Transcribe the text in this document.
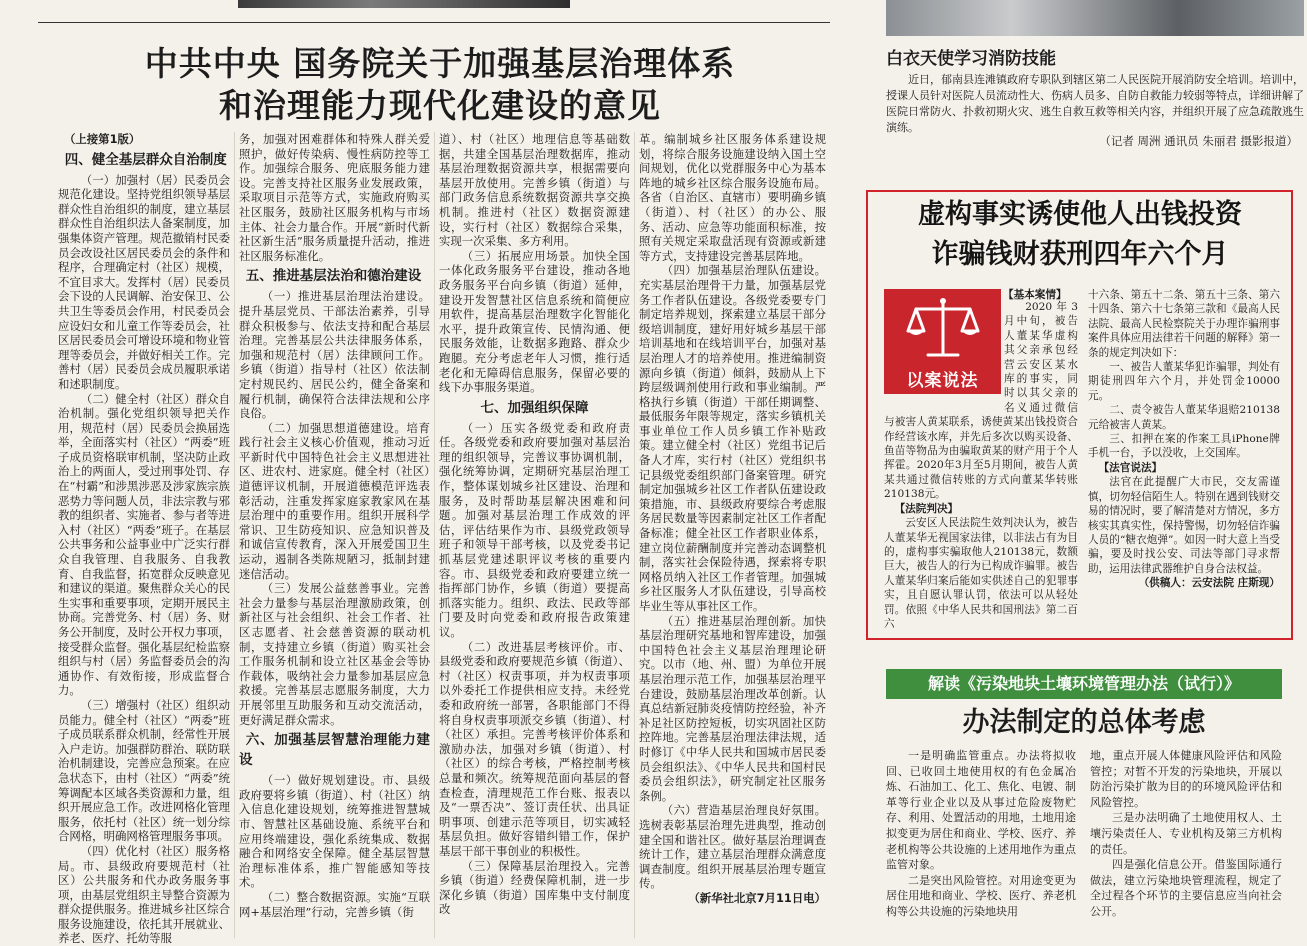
中共中央 国务院关于加强基层治理体系
和治理能力现代化建设的意见

（上接第1版）

四、健全基层群众自治制度

（一）加强村（居）民委员会规范化建设。坚持党组织领导基层群众性自治组织的制度，建立基层群众性自治组织法人备案制度，加强集体资产管理。规范撤销村民委员会改设社区居民委员会的条件和程序，合理确定村（社区）规模，不宜目求大。发挥村（居）民委员会下设的人民调解、治安保卫、公共卫生等委员会作用，村民委员会应设妇女和儿童工作等委员会，社区居民委员会可增设环境和物业管理等委员会，并做好相关工作。完善村（居）民委员会成员履职承诺和述职制度。

（二）健全村（社区）群众自治机制。强化党组织领导把关作用，规范村（居）民委员会换届选举，全面落实村（社区）“两委”班子成员资格联审机制，坚决防止政治上的两面人，受过刑事处罚、存在“村霸”和涉黑涉恶及涉家族宗族恶势力等问题人员，非法宗教与邪教的组织者、实施者、参与者等进入村（社区）“两委”班子。在基层公共事务和公益事业中广泛实行群众自我管理、自我服务、自我教育、自我监督，拓宽群众反映意见和建议的渠道。聚焦群众关心的民生实事和重要事项，定期开展民主协商。完善党务、村（居）务、财务公开制度，及时公开权力事项，接受群众监督。强化基层纪检监察组织与村（居）务监督委员会的沟通协作、有效衔接，形成监督合力。

（三）增强村（社区）组织动员能力。健全村（社区）“两委”班子成员联系群众机制，经常性开展入户走访。加强群防群治、联防联治机制建设，完善应急预案。在应急状态下，由村（社区）“两委”统筹调配本区域各类资源和力量，组织开展应急工作。改进网格化管理服务，依托村（社区）统一划分综合网格，明确网格管理服务事项。

（四）优化村（社区）服务格局。市、县级政府要规范村（社区）公共服务和代办政务服务事项，由基层党组织主导整合资源为群众提供服务。推进城乡社区综合服务设施建设，依托其开展就业、养老、医疗、托幼等服

务，加强对困难群体和特殊人群关爱照护，做好传染病、慢性病防控等工作。加强综合服务、兜底服务能力建设。完善支持社区服务业发展政策，采取项目示范等方式，实施政府购买社区服务，鼓励社区服务机构与市场主体、社会力量合作。开展“新时代新社区新生活”服务质量提升活动，推进社区服务标准化。

五、推进基层法治和德治建设

（一）推进基层治理法治建设。提升基层党员、干部法治素养，引导群众积极参与、依法支持和配合基层治理。完善基层公共法律服务体系，加强和规范村（居）法律顾问工作。乡镇（街道）指导村（社区）依法制定村规民约、居民公约，健全备案和履行机制，确保符合法律法规和公序良俗。

（二）加强思想道德建设。培育践行社会主义核心价值观，推动习近平新时代中国特色社会主义思想进社区、进农村、进家庭。健全村（社区）道德评议机制，开展道德模范评选表彰活动，注重发挥家庭家教家风在基层治理中的重要作用。组织开展科学常识、卫生防疫知识、应急知识普及和诚信宣传教育，深入开展爱国卫生运动，遏制各类陈规陋习，抵制封建迷信活动。

（三）发展公益慈善事业。完善社会力量参与基层治理激励政策，创新社区与社会组织、社会工作者、社区志愿者、社会慈善资源的联动机制，支持建立乡镇（街道）购买社会工作服务机制和设立社区基金会等协作载体，吸纳社会力量参加基层应急救援。完善基层志愿服务制度，大力开展邻里互助服务和互动交流活动，更好满足群众需求。

六、加强基层智慧治理能力建设

（一）做好规划建设。市、县级政府要将乡镇（街道）、村（社区）纳入信息化建设规划，统筹推进智慧城市、智慧社区基础设施、系统平台和应用终端建设，强化系统集成、数据融合和网络安全保障。健全基层智慧治理标准体系，推广智能感知等技术。

（二）整合数据资源。实施“互联网+基层治理”行动，完善乡镇（街

道）、村（社区）地理信息等基础数据，共建全国基层治理数据库，推动基层治理数据资源共享，根据需要向基层开放使用。完善乡镇（街道）与部门政务信息系统数据资源共享交换机制。推进村（社区）数据资源建设，实行村（社区）数据综合采集，实现一次采集、多方利用。

（三）拓展应用场景。加快全国一体化政务服务平台建设，推动各地政务服务平台向乡镇（街道）延伸，建设开发智慧社区信息系统和简便应用软件，提高基层治理数字化智能化水平，提升政策宣传、民情沟通、便民服务效能，让数据多跑路、群众少跑腿。充分考虑老年人习惯，推行适老化和无障碍信息服务，保留必要的线下办事服务渠道。

七、加强组织保障

（一）压实各级党委和政府责任。各级党委和政府要加强对基层治理的组织领导，完善议事协调机制，强化统筹协调，定期研究基层治理工作，整体谋划城乡社区建设、治理和服务，及时帮助基层解决困难和问题。加强对基层治理工作成效的评估，评估结果作为市、县级党政领导班子和领导干部考核，以及党委书记抓基层党建述职评议考核的重要内容。市、县级党委和政府要建立统一指挥部门协作，乡镇（街道）要提高抓落实能力。组织、政法、民政等部门要及时向党委和政府报告政策建议。

（二）改进基层考核评价。市、县级党委和政府要规范乡镇（街道）、村（社区）权责事项，并为权责事项以外委托工作提供相应支持。未经党委和政府统一部署，各职能部门不得将自身权责事项派交乡镇（街道）、村（社区）承担。完善考核评价体系和激励办法，加强对乡镇（街道）、村（社区）的综合考核，严格控制考核总量和频次。统筹规范面向基层的督查检查，清理规范工作台账、报表以及“一票否决”、签订责任状、出具证明事项、创建示范等项目，切实减轻基层负担。做好容错纠错工作，保护基层干部干事创业的积极性。

（三）保障基层治理投入。完善乡镇（街道）经费保障机制，进一步深化乡镇（街道）国库集中支付制度改

革。编制城乡社区服务体系建设规划，将综合服务设施建设纳入国土空间规划，优化以党群服务中心为基本阵地的城乡社区综合服务设施布局。各省（自治区、直辖市）要明确乡镇（街道）、村（社区）的办公、服务、活动、应急等功能面积标准，按照有关规定采取盘活现有资源或新建等方式，支持建设完善基层阵地。

（四）加强基层治理队伍建设。充实基层治理骨干力量，加强基层党务工作者队伍建设。各级党委要专门制定培养规划，探索建立基层干部分级培训制度，建好用好城乡基层干部培训基地和在线培训平台，加强对基层治理人才的培养使用。推进编制资源向乡镇（街道）倾斜，鼓励从上下跨层级调剂使用行政和事业编制。严格执行乡镇（街道）干部任期调整、最低服务年限等规定，落实乡镇机关事业单位工作人员乡镇工作补贴政策。建立健全村（社区）党组书记后备人才库，实行村（社区）党组织书记县级党委组织部门备案管理。研究制定加强城乡社区工作者队伍建设政策措施，市、县级政府要综合考虑服务居民数量等因素制定社区工作者配备标准；健全社区工作者职业体系，建立岗位薪酬制度并完善动态调整机制，落实社会保险待遇，探索将专职网格员纳入社区工作者管理。加强城乡社区服务人才队伍建设，引导高校毕业生等从事社区工作。

（五）推进基层治理创新。加快基层治理研究基地和智库建设，加强中国特色社会主义基层治理理论研究。以市（地、州、盟）为单位开展基层治理示范工作，加强基层治理平台建设，鼓励基层治理改革创新。认真总结新冠肺炎疫情防控经验，补齐补足社区防控短板，切实巩固社区防控阵地。完善基层治理法律法规，适时修订《中华人民共和国城市居民委员会组织法》、《中华人民共和国村民委员会组织法》，研究制定社区服务条例。

（六）营造基层治理良好氛围。选树表彰基层治理先进典型，推动创建全国和谐社区。做好基层治理调查统计工作，建立基层治理群众满意度调查制度。组织开展基层治理专题宣传。

（新华社北京7月11日电）

白衣天使学习消防技能

近日，郁南县连滩镇政府专职队到辖区第二人民医院开展消防安全培训。培训中，授课人员针对医院人员流动性大、伤病人员多、自防自救能力较弱等特点，详细讲解了医院日常防火、扑救初期火灾、逃生自救互救等相关内容，并组织开展了应急疏散逃生演练。

（记者 周洲 通讯员 朱丽君 摄影报道）
虚构事实诱使他人出钱投资
诈骗钱财获刑四年六个月
以案说法

【基本案情】

2020年3月中旬，被告人董某华虚构其父亲承包经营云安区某水库的事实，同时以其父亲的名义通过微信与被害人黄某联系，诱使黄某出钱投资合作经营该水库，并先后多次以购买设备、鱼苗等物品为由骗取黄某的财产用于个人挥霍。2020年3月至5月期间，被告人黄某共通过微信转账的方式向董某华转账210138元。

【法院判决】

云安区人民法院生效判决认为，被告人董某华无视国家法律，以非法占有为目的，虚构事实骗取他人210138元，数额巨大，被告人的行为已构成诈骗罪。被告人董某华归案后能如实供述自己的犯罪事实，且自愿认罪认罚，依法可以从轻处罚。依照《中华人民共和国刑法》第二百六

十六条、第五十二条、第五十三条、第六十四条、第六十七条第三款和《最高人民法院、最高人民检察院关于办理诈骗刑事案件具体应用法律若干问题的解释》第一条的规定判决如下：

一、被告人董某华犯诈骗罪，判处有期徒刑四年六个月，并处罚金10000元。

二、责令被告人董某华退赔210138元给被害人黄某。

三、扣押在案的作案工具iPhone牌手机一台，予以没收，上交国库。

【法官说法】

法官在此提醒广大市民，交友需谨慎，切勿轻信陌生人。特别在遇到钱财交易的情况时，要了解清楚对方情况，多方核实其真实性，保持警惕，切勿轻信诈骗人员的“糖衣炮弹”。如因一时大意上当受骗，要及时找公安、司法等部门寻求帮助，运用法律武器维护自身合法权益。

（供稿人：云安法院 庄斯现）

解读《污染地块土壤环境管理办法（试行）》
办法制定的总体考虑

一是明确监管重点。办法将拟收回、已收回土地使用权的有色金属冶炼、石油加工、化工、焦化、电镀、制革等行业企业以及从事过危险废物贮存、利用、处置活动的用地，土地用途拟变更为居住和商业、学校、医疗、养老机构等公共设施的上述用地作为重点监管对象。

二是突出风险管控。对用途变更为居住用地和商业、学校、医疗、养老机构等公共设施的污染地块用

地，重点开展人体健康风险评估和风险管控；对暂不开发的污染地块，开展以防治污染扩散为目的的环境风险评估和风险管控。

三是办法明确了土地使用权人、土壤污染责任人、专业机构及第三方机构的责任。

四是强化信息公开。借鉴国际通行做法，建立污染地块管理流程，规定了全过程各个环节的主要信息应当向社会公开。
